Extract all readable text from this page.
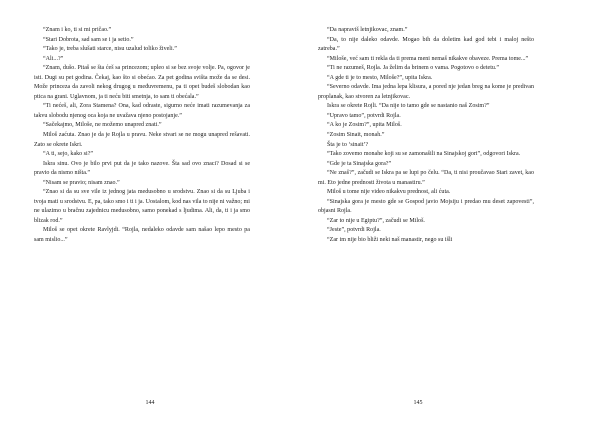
“Znam i ko, ti si mi pričao.”

“Stari Dobrota, sad sam se i ja setio.”

“Tako je, treba slušati starce, nisu uzalud toliko živeli.”

“Ali...?”

“Znam, dušo. Pitaš se šta ćeš sa princezom; upleo si se bez svoje volje. Pa, ogovor je isti. Dugi su pet godina. Čekaj, kao što si obećao. Za pet godina svišta može da se desi. Može princeza da zavoli nekog drugog u međuvremenu, pa ti opet budeš slobodan kao ptica na grani. Uglavnom, ja ti neću biti smetnja, to sam ti obećala.”

“Ti nećeš, ali, Zora Stamena? Ona, kad odraste, sigurno neće imati razumevanja za takvu slobodu njenog oca koja ne uvažava njeno postojanje.”

“Sačekajmo, Miloše, ne možemo unapred znati.”

Miloš zaćuta. Znao je da je Rojla u pravu. Neke stvari se ne mogu unapred rešavati. Zato se okrete Iskri.

“A ti, sejo, kako si?”

Iskra sinu. Ovo je bilo prvi put da je tako nazove. Šta sad ovo znaci? Dosad si se pravio da nismo ništa.”

“Nisam se pravio; nisam znao.”

“Znao si da su sve vile iz jednog jata medusobno u srodstvu. Znao si da su Ljuba i tvoja mati u srodstvu. E, pa, tako smo i ti i ja. Uostalom, kod nas vila to nije ni važno; mi ne ulazimo u bračnu zajednicu medusobno, samo ponekad s ljudima. Ali, da, ti i ja smo blizak rod.”

Miloš se opet okrete Ravlyjdi. “Rojla, nedaleko odavde sam našao lepo mesto pa sam mislio...”

144

“Da napraviš letnjikovac, znam.”

“Da, to nije daleko odavde. Mogao bih da doletim kad god tebi i maloj nešto zatreba.”

“Miloše, već sam ti rekla da ti prema meni nemaš nikakve obaveze. Prema tome...”

“Ti ne razumeš, Rojla. Ja želim da brinem o vama. Pogotovo o detetu.”

“A gde ti je to mesto, Miloše?”, upita Iskra.

“Severno odavde. Ima jedna lepa klisura, a pored nje jedan breg na kome je predivan proplanak, kao stvoren za letnjikovac.

Iskra se okrete Rojli. “Da nije to tamo gde se nastanio naš Zosim?”

“Upravo tamo”, potvrdi Rojla.

“A ko je Zosim?”, upita Miloš.

“Zosim Sinait, monah.”

Šta je to ‘sinait’?

“Tako zovemo monahe koji su se zamonašili na Sinajskoj gori”, odgovori Iskra.

“Gde je ta Sinajska gora?”

“Ne znaš?”, začudi se Iskra pa se lupi po čelu. “Da, ti nisi proučavao Stari zavet, kao mi. Eto jedne prednosti života u manastiru.”

Miloš u tome nije video nikakvu prednost, ali ćuta.

“Sinajska gora je mesto gde se Gospod javio Mojsiju i predao mu deset zapovesti”, objasni Rojla.

“Zar to nije u Egiptu?”, začudi se Miloš.

“Jeste”, potvrdi Rojla.

“Zar im nije bio bliži neki naš manastir, nego su išli

145
